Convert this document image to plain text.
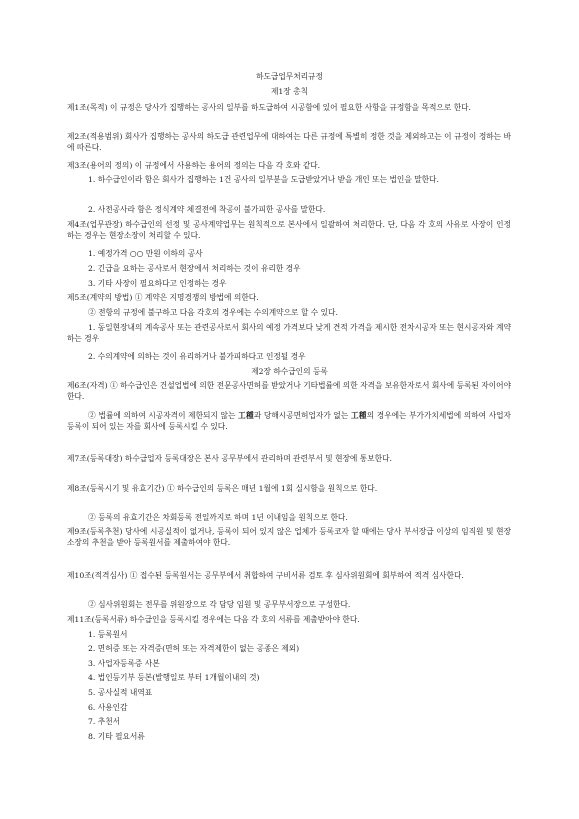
하도급업무처리규정
제1장 총칙
제1조(목적) 이 규정은 당사가 집행하는 공사의 일부를 하도급하여 시공함에 있어 필요한 사항을 규정함을 목적으로 한다.
제2조(적용범위) 회사가 집행하는 공사의 하도급 관련업무에 대하여는 다른 규정에 특별히 정한 것을 제외하고는 이 규정이 정하는 바에 따른다.
제3조(용어의 정의) 이 규정에서 사용하는 용어의 정의는 다음 각 호와 같다.
1. 하수급인이라 함은 회사가 집행하는 1건 공사의 일부분을 도급받았거나 받을 개인 또는 법인을 말한다.
2. 사전공사라 함은 정식계약 체결전에 착공이 불가피한 공사를 말한다.
제4조(업무관장) 하수급인의 선정 및 공사계약업무는 원칙적으로 본사에서 일괄하여 처리한다. 단, 다음 각 호의 사유로 사장이 인정하는 경우는 현장소장이 처리할 수 있다.
1. 예정가격 ○○ 만원 이하의 공사
2. 긴급을 요하는 공사로서 현장에서 처리하는 것이 유리한 경우
3. 기타 사장이 필요하다고 인정하는 경우
제5조(계약의 방법) ① 계약은 지명경쟁의 방법에 의한다.
② 전항의 규정에 불구하고 다음 각호의 경우에는 수의계약으로 할 수 있다.
1. 동일현장내의 계속공사 또는 관련공사로서 회사의 예정 가격보다 낮게 견적 가격을 제시한 전차시공자 또는 현시공자와 계약하는 경우
2. 수의계약에 의하는 것이 유리하거나 불가피하다고 인정될 경우
제2장 하수급인의 등록
제6조(자격) ① 하수급인은 건설업법에 의한 전문공사면허를 받았거나 기타법률에 의한 자격을 보유한자로서 회사에 등록된 자이어야 한다.
② 법률에 의하여 시공자격이 제한되지 않는 工種과 당해시공면허업자가 없는 工種의 경우에는 부가가치세법에 의하여 사업자등록이 되어 있는 자를 회사에 등록시킬 수 있다.
제7조(등록대장) 하수급업자 등록대장은 본사 공무부에서 관리하며 관련부서 및 현장에 통보한다.
제8조(등록시기 및 유효기간) ① 하수급인의 등록은 매년 1월에 1회 실시함을 원칙으로 한다.
② 등록의 유효기간은 차회등록 전일까지로 하며 1년 이내임을 원칙으로 한다.
제9조(등록추천) 당사에 시공실적이 없거나, 등록이 되어 있지 않은 업체가 등록코자 할 때에는 당사 부서장급 이상의 임직원 및 현장소장의 추천을 받아 등록원서를 제출하여야 한다.
제10조(적격심사) ① 접수된 등록원서는 공무부에서 취합하여 구비서류 검토 후 심사위원회에 회부하여 적격 심사한다.
② 심사위원회는 전무를 위원장으로 각 담당 임원 및 공무부서장으로 구성한다.
제11조(등록서류) 하수급인을 등록시킬 경우에는 다음 각 호의 서류를 제출받아야 한다.
1. 등록원서
2. 면허증 또는 자격증(면허 또는 자격제한이 없는 공종은 제외)
3. 사업자등록증 사본
4. 법인등기부 등본(발행일로 부터 1개월이내의 것)
5. 공사실적 내역표
6. 사용인감
7. 추천서
8. 기타 필요서류
